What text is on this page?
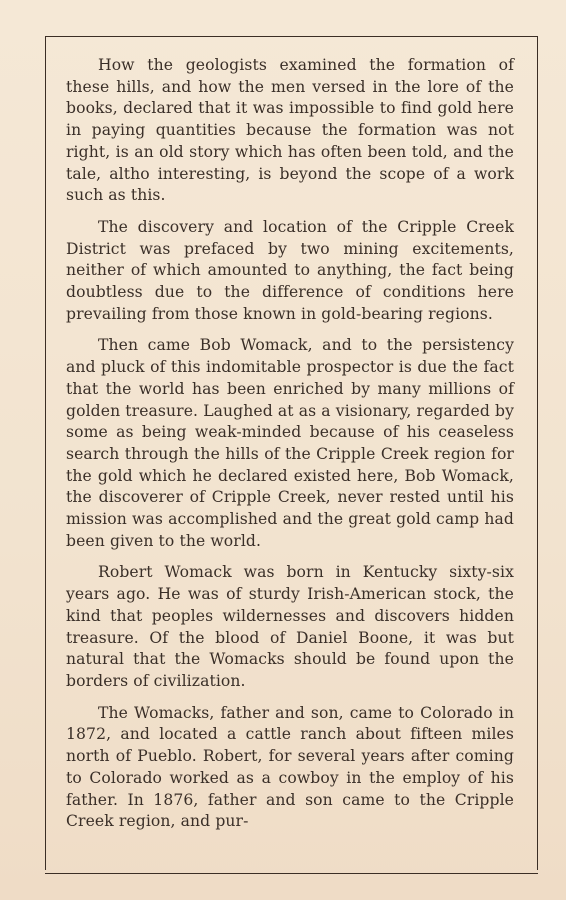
How the geologists examined the formation of these hills, and how the men versed in the lore of the books, declared that it was impossible to find gold here in paying quantities because the formation was not right, is an old story which has often been told, and the tale, altho interesting, is beyond the scope of a work such as this.

The discovery and location of the Cripple Creek District was prefaced by two mining excitements, neither of which amounted to anything, the fact being doubtless due to the difference of conditions here prevailing from those known in gold-bearing regions.

Then came Bob Womack, and to the persistency and pluck of this indomitable prospector is due the fact that the world has been enriched by many millions of golden treasure. Laughed at as a visionary, regarded by some as being weak-minded because of his ceaseless search through the hills of the Cripple Creek region for the gold which he declared existed here, Bob Womack, the discoverer of Cripple Creek, never rested until his mission was accomplished and the great gold camp had been given to the world.

Robert Womack was born in Kentucky sixty-six years ago. He was of sturdy Irish-American stock, the kind that peoples wildernesses and discovers hidden treasure. Of the blood of Daniel Boone, it was but natural that the Womacks should be found upon the borders of civilization.

The Womacks, father and son, came to Colorado in 1872, and located a cattle ranch about fifteen miles north of Pueblo. Robert, for several years after coming to Colorado worked as a cowboy in the employ of his father. In 1876, father and son came to the Cripple Creek region, and pur-
